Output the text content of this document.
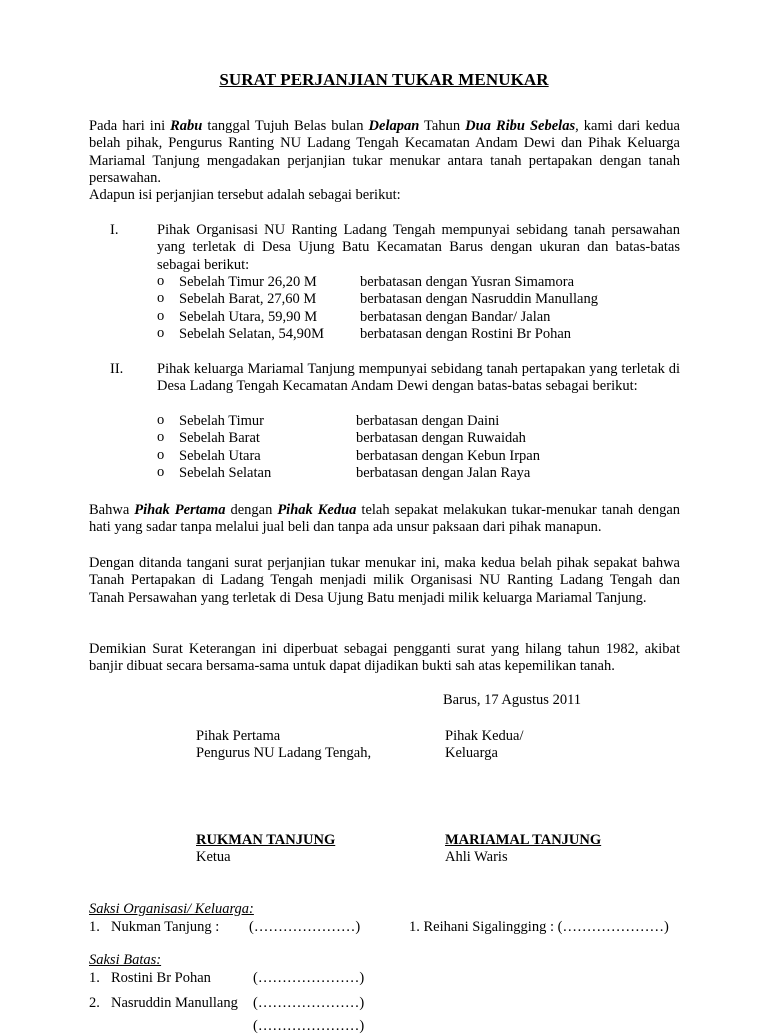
SURAT PERJANJIAN TUKAR MENUKAR

Pada hari ini Rabu tanggal Tujuh Belas bulan Delapan Tahun Dua Ribu Sebelas, kami dari kedua belah pihak, Pengurus Ranting NU Ladang Tengah Kecamatan Andam Dewi dan Pihak Keluarga Mariamal Tanjung mengadakan perjanjian tukar menukar antara tanah pertapakan dengan tanah persawahan.

Adapun isi perjanjian tersebut adalah sebagai berikut:

I.	Pihak Organisasi NU Ranting Ladang Tengah mempunyai sebidang tanah persawahan yang terletak di Desa Ujung Batu Kecamatan Barus dengan ukuran dan batas-batas sebagai berikut:
o Sebelah Timur 26,20 M	berbatasan dengan Yusran Simamora
o Sebelah Barat, 27,60 M	berbatasan dengan Nasruddin Manullang
o Sebelah Utara, 59,90 M	berbatasan dengan Bandar/ Jalan
o Sebelah Selatan, 54,90M berbatasan dengan Rostini Br Pohan
II. Pihak keluarga Mariamal Tanjung mempunyai sebidang tanah pertapakan yang terletak di Desa Ladang Tengah Kecamatan Andam Dewi dengan batas-batas sebagai berikut:
o Sebelah Timur	berbatasan dengan Daini
o Sebelah Barat	berbatasan dengan Ruwaidah
o Sebelah Utara	berbatasan dengan Kebun Irpan
o Sebelah Selatan	berbatasan dengan Jalan Raya

Bahwa Pihak Pertama dengan Pihak Kedua telah sepakat melakukan tukar-menukar tanah dengan hati yang sadar tanpa melalui jual beli dan tanpa ada unsur paksaan dari pihak manapun.

Dengan ditanda tangani surat perjanjian tukar menukar ini, maka kedua belah pihak sepakat bahwa Tanah Pertapakan di Ladang Tengah menjadi milik Organisasi NU Ranting Ladang Tengah dan Tanah Persawahan yang terletak di Desa Ujung Batu menjadi milik keluarga Mariamal Tanjung.
Demikian Surat Keterangan ini diperbuat sebagai pengganti surat yang hilang tahun 1982, akibat banjir dibuat secara bersama-sama untuk dapat dijadikan bukti sah atas kepemilikan tanah.
Barus, 17 Agustus 2011
Pihak Pertama
Pengurus NU Ladang Tengah,
Pihak Kedua/
Keluarga
RUKMAN TANJUNG
Ketua
MARIAMAL TANJUNG
Ahli Waris
Saksi Organisasi/ Keluarga:
1. Nukman Tanjung : (…………………)	1. Reihani Sigalingging : (…………………)
Saksi Batas:
1. Rostini Br Pohan	(…………………)
2. Nasruddin Manullang (…………………)
(…………………)
